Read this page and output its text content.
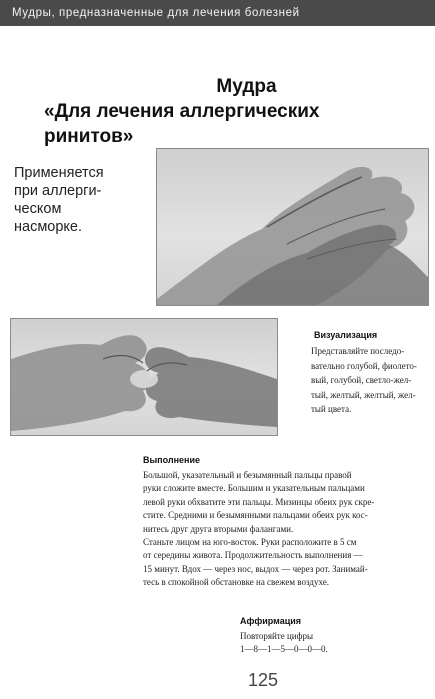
Мудры, предназначенные для лечения болезней
Мудра
«Для лечения аллергических
ринитов»
Применяется
при аллерги-
ческом
насморке.
Визуализация
Представляйте последо-
вательно голубой, фиолето-
вый, голубой, светло-жел-
тый, желтый, желтый, жел-
тый цвета.
Выполнение
Большой, указательный и безымянный пальцы правой
руки сложите вместе. Большим и указательным пальцами
левой руки обхватите эти пальцы. Мизинцы обеих рук скре-
стите. Средними и безымянными пальцами обеих рук кос-
нитесь друг друга вторыми фалангами.
Станьте лицом на юго-восток. Руки расположите в 5 см
от середины живота. Продолжительность выполнения —
15 минут. Вдох — через нос, выдох — через рот. Занимай-
тесь в спокойной обстановке на свежем воздухе.
Аффирмация
Повторяйте цифры
1—8—1—5—0—0—0.
125
